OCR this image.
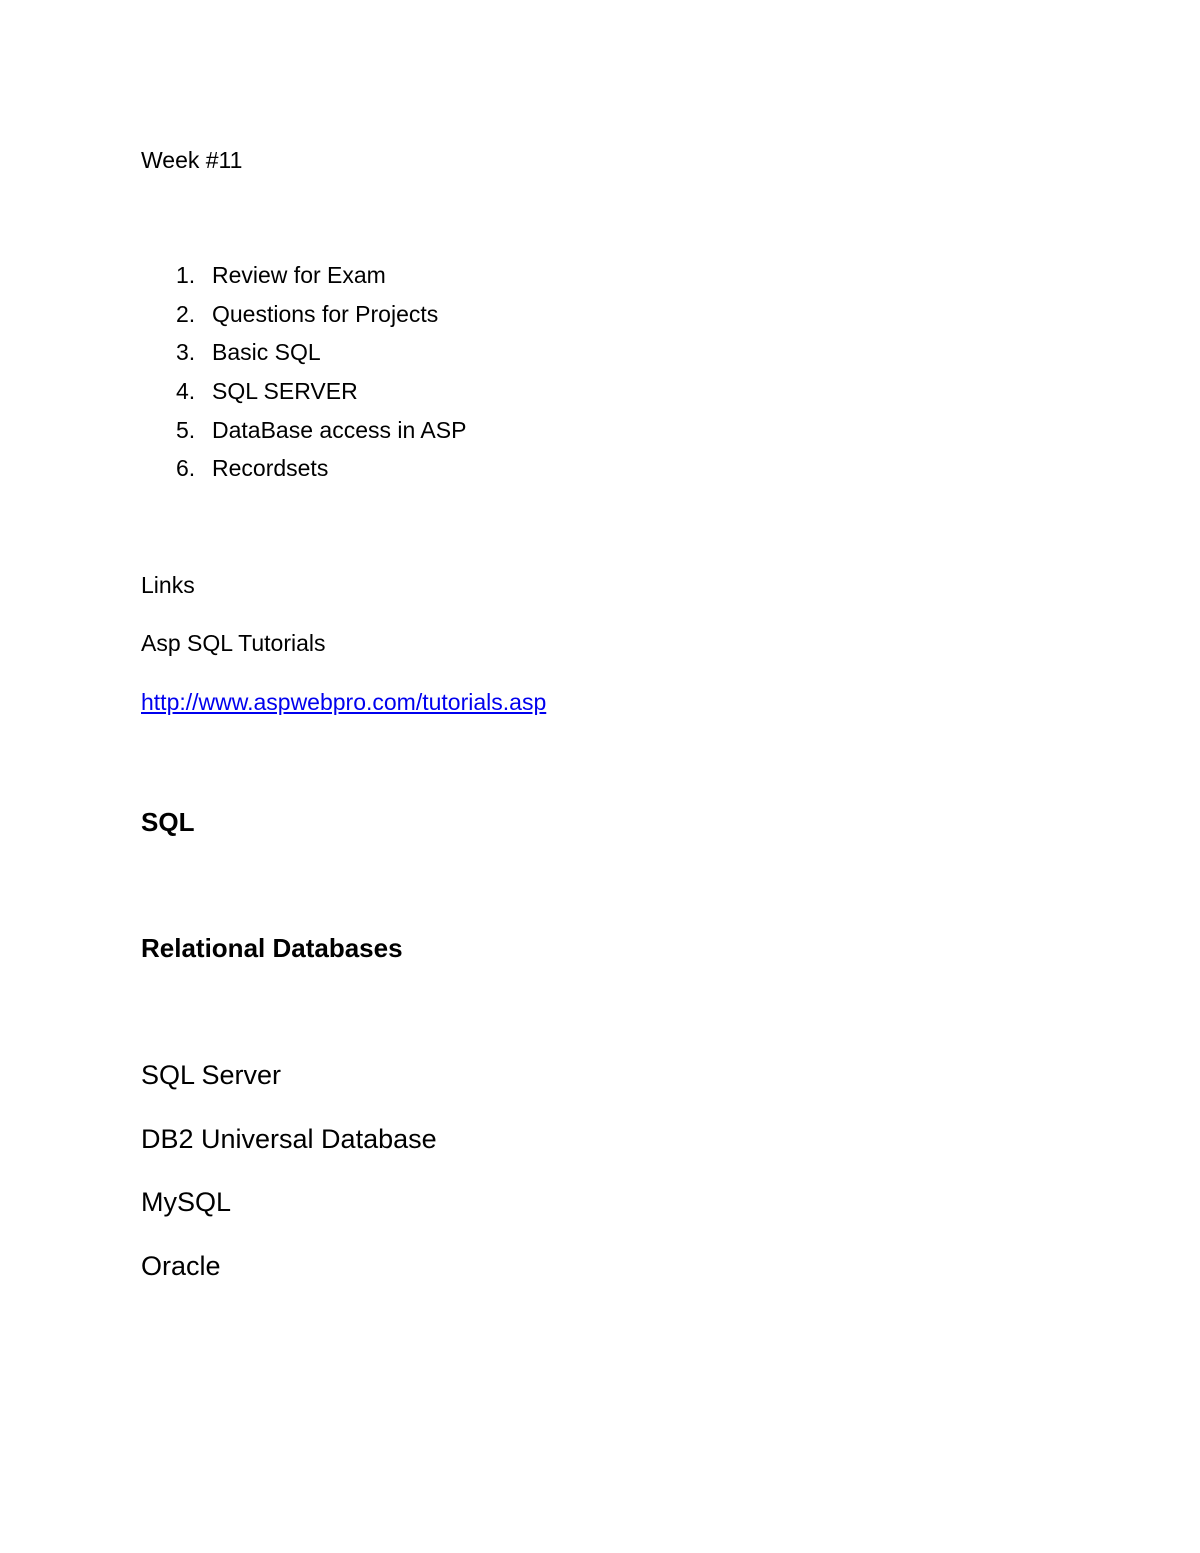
Week #11
1. Review for Exam
2. Questions for Projects
3. Basic SQL
4. SQL SERVER
5. DataBase access in ASP
6. Recordsets
Links
Asp SQL Tutorials
http://www.aspwebpro.com/tutorials.asp
SQL
Relational Databases
SQL Server
DB2 Universal Database
MySQL
Oracle
